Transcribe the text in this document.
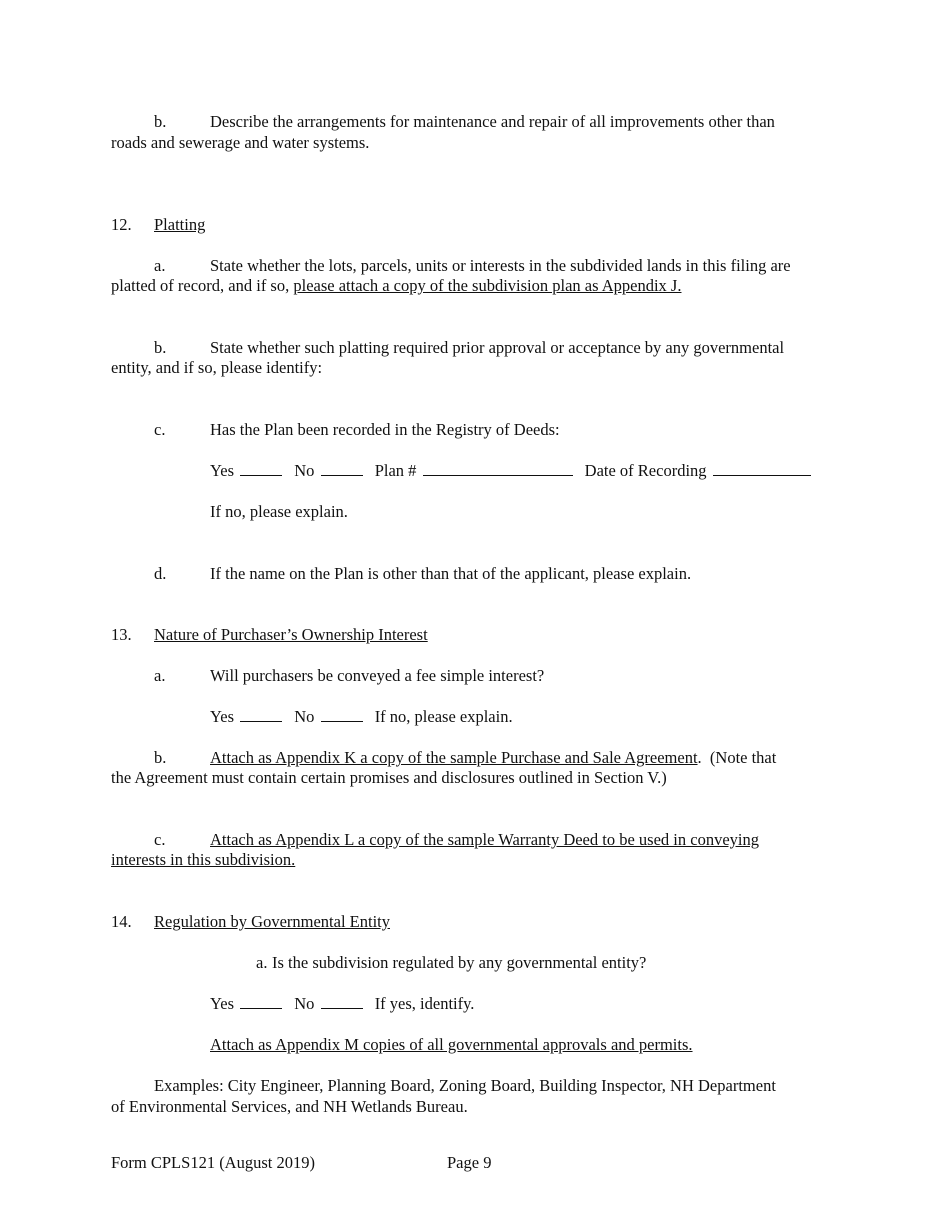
b.	Describe the arrangements for maintenance and repair of all improvements other than
roads and sewerage and water systems.
12. Platting
a.	State whether the lots, parcels, units or interests in the subdivided lands in this filing are
platted of record, and if so, please attach a copy of the subdivision plan as Appendix J.
b.	State whether such platting required prior approval or acceptance by any governmental
entity, and if so, please identify:
c.	Has the Plan been recorded in the Registry of Deeds:
Yes	No	Plan #	Date of Recording
If no, please explain.
d.	If the name on the Plan is other than that of the applicant, please explain.
13. Nature of Purchaser’s Ownership Interest
a.	Will purchasers be conveyed a fee simple interest?
Yes	No	If no, please explain.
b.	Attach as Appendix K a copy of the sample Purchase and Sale Agreement.  (Note that
the Agreement must contain certain promises and disclosures outlined in Section V.)
c.	Attach as Appendix L a copy of the sample Warranty Deed to be used in conveying
interests in this subdivision.
14. Regulation by Governmental Entity
a. Is the subdivision regulated by any governmental entity?
Yes	No	If yes, identify.
Attach as Appendix M copies of all governmental approvals and permits.
Examples: City Engineer, Planning Board, Zoning Board, Building Inspector, NH Department
of Environmental Services, and NH Wetlands Bureau.
Form CPLS121 (August 2019)	Page 9
